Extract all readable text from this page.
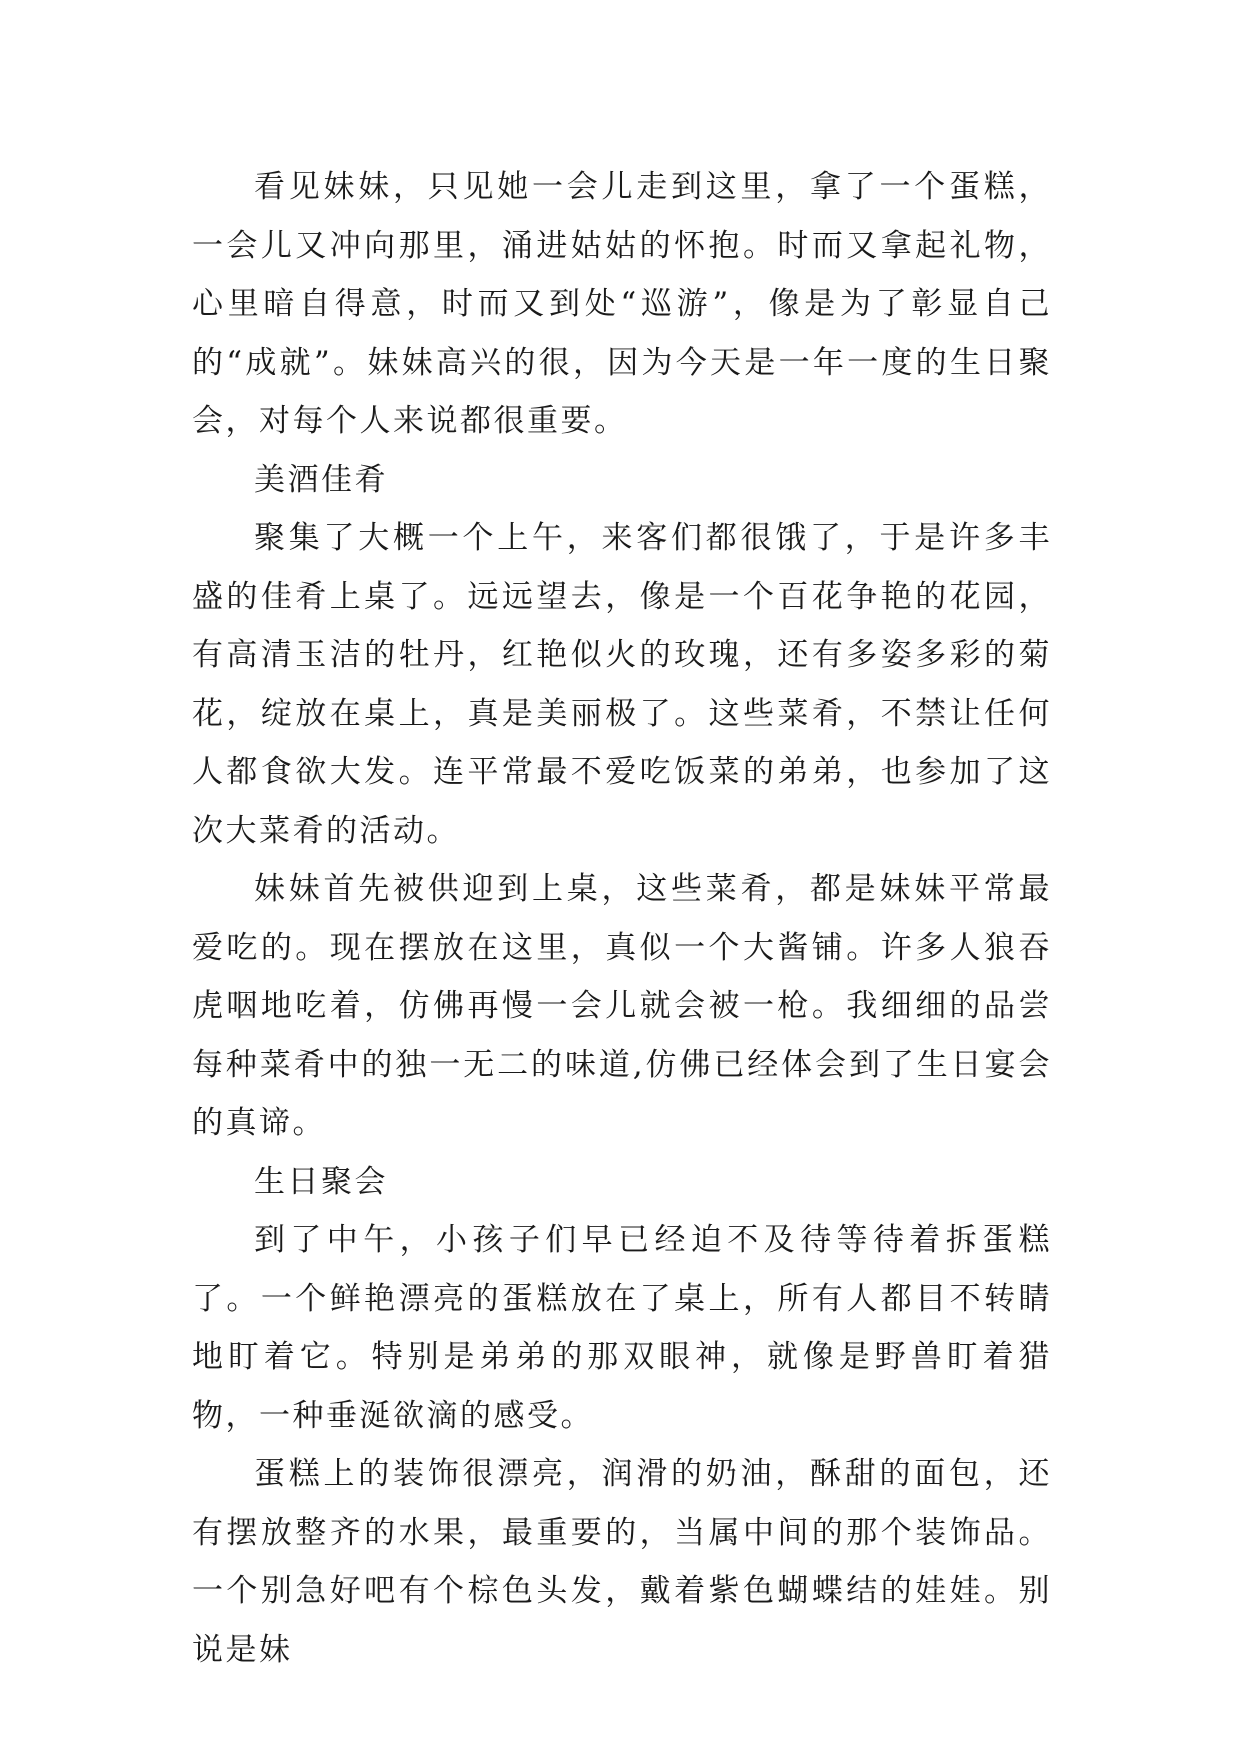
看见妹妹，只见她一会儿走到这里，拿了一个蛋糕，一会儿又冲向那里，涌进姑姑的怀抱。时而又拿起礼物，心里暗自得意，时而又到处“巡游”，像是为了彰显自己的“成就”。妹妹高兴的很，因为今天是一年一度的生日聚会，对每个人来说都很重要。

美酒佳肴

聚集了大概一个上午，来客们都很饿了，于是许多丰盛的佳肴上桌了。远远望去，像是一个百花争艳的花园，有高清玉洁的牡丹，红艳似火的玫瑰，还有多姿多彩的菊花，绽放在桌上，真是美丽极了。这些菜肴，不禁让任何人都食欲大发。连平常最不爱吃饭菜的弟弟，也参加了这次大菜肴的活动。

妹妹首先被供迎到上桌，这些菜肴，都是妹妹平常最爱吃的。现在摆放在这里，真似一个大酱铺。许多人狼吞虎咽地吃着，仿佛再慢一会儿就会被一枪。我细细的品尝每种菜肴中的独一无二的味道,仿佛已经体会到了生日宴会的真谛。

生日聚会

到了中午，小孩子们早已经迫不及待等待着拆蛋糕了。一个鲜艳漂亮的蛋糕放在了桌上，所有人都目不转睛地盯着它。特别是弟弟的那双眼神，就像是野兽盯着猎物，一种垂涎欲滴的感受。

蛋糕上的装饰很漂亮，润滑的奶油，酥甜的面包，还有摆放整齐的水果，最重要的，当属中间的那个装饰品。一个别急好吧有个棕色头发，戴着紫色蝴蝶结的娃娃。别说是妹
